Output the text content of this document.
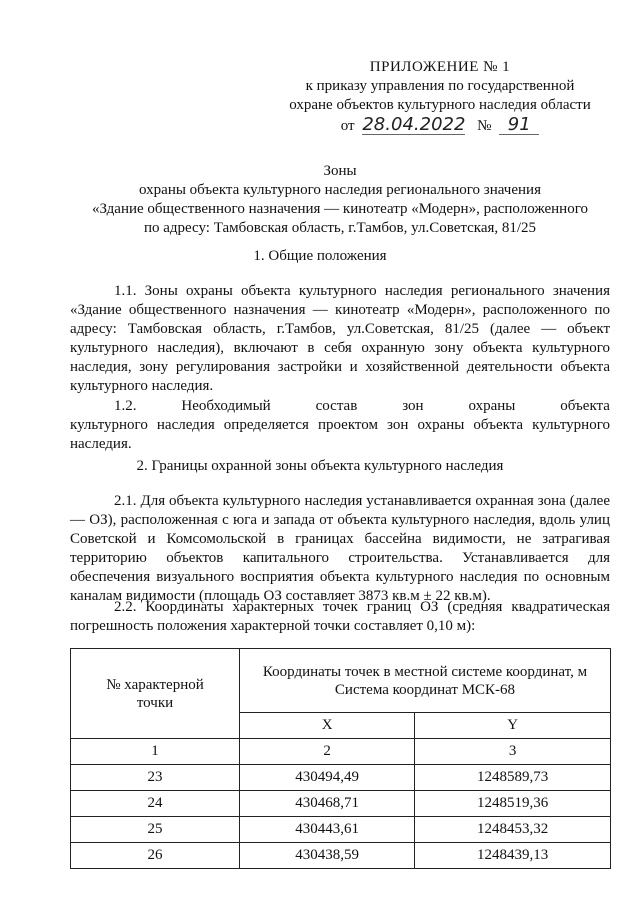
ПРИЛОЖЕНИЕ № 1
к приказу управления по государственной
охране объектов культурного наследия области
от 28.04.2022 № 91
Зоны
охраны объекта культурного наследия регионального значения
«Здание общественного назначения — кинотеатр «Модерн», расположенного
по адресу: Тамбовская область, г.Тамбов, ул.Советская, 81/25
1. Общие положения
1.1. Зоны охраны объекта культурного наследия регионального значения «Здание общественного назначения — кинотеатр «Модерн», расположенного по адресу: Тамбовская область, г.Тамбов, ул.Советская, 81/25 (далее — объект культурного наследия), включают в себя охранную зону объекта культурного наследия, зону регулирования застройки и хозяйственной деятельности объекта культурного наследия.
1.2.	Необходимый	состав	зон	охраны	объекта
культурного наследия определяется проектом зон охраны объекта культурного наследия.
2. Границы охранной зоны объекта культурного наследия
2.1. Для объекта культурного наследия устанавливается охранная зона (далее — ОЗ), расположенная с юга и запада от объекта культурного наследия, вдоль улиц Советской и Комсомольской в границах бассейна видимости, не затрагивая территорию объектов капитального строительства. Устанавливается для обеспечения визуального восприятия объекта культурного наследия по основным каналам видимости (площадь ОЗ составляет 3873 кв.м ± 22 кв.м).
2.2. Координаты характерных точек границ ОЗ (средняя квадратическая погрешность положения характерной точки составляет 0,10 м):
№ характерной точки	Координаты точек в местной системе координат, м
Система координат МСК-68	

	X	Y
1	2	3
23	430494,49	1248589,73
24	430468,71	1248519,36
25	430443,61	1248453,32
26	430438,59	1248439,13
